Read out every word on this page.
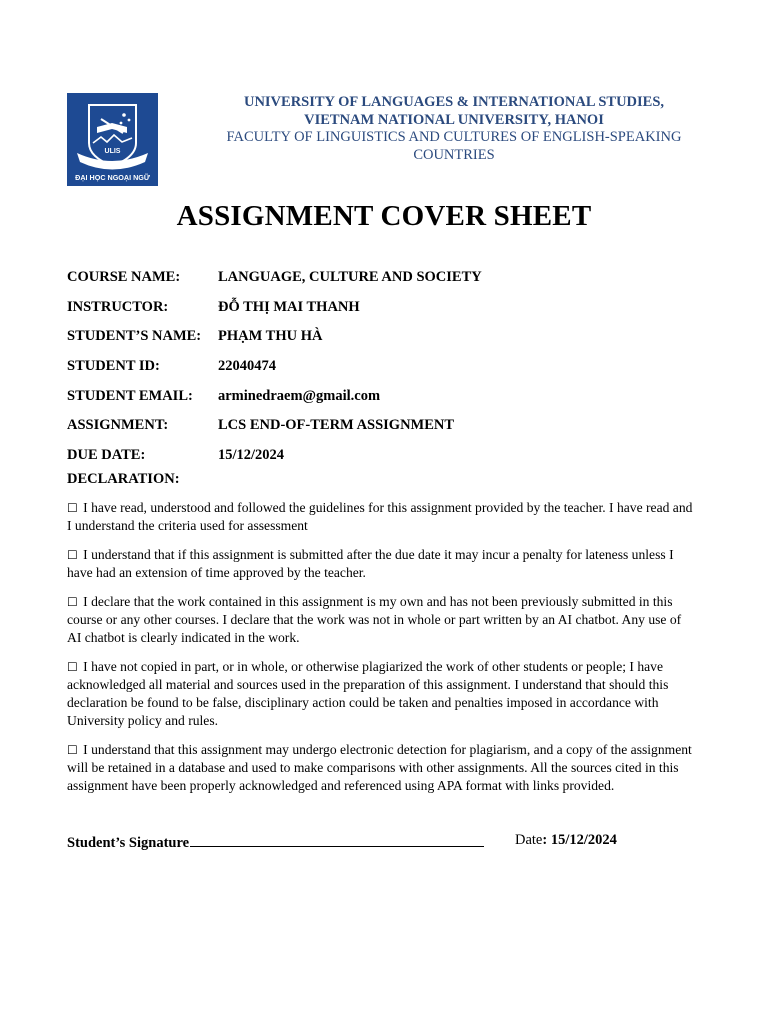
ULIS
ĐẠI HỌC NGOẠI NGỮ
UNIVERSITY OF LANGUAGES & INTERNATIONAL STUDIES,
VIETNAM NATIONAL UNIVERSITY, HANOI
FACULTY OF LINGUISTICS AND CULTURES OF ENGLISH-SPEAKING
COUNTRIES
ASSIGNMENT COVER SHEET
COURSE NAME:	LANGUAGE, CULTURE AND SOCIETY
INSTRUCTOR:	ĐỖ THỊ MAI THANH
STUDENT’S NAME:	PHẠM THU HÀ
STUDENT ID:	22040474
STUDENT EMAIL:	arminedraem@gmail.com
ASSIGNMENT:	LCS END-OF-TERM ASSIGNMENT
DUE DATE:	15/12/2024
DECLARATION:

☐ I have read, understood and followed the guidelines for this assignment provided by the teacher. I have read and I understand the criteria used for assessment

☐ I understand that if this assignment is submitted after the due date it may incur a penalty for lateness unless I have had an extension of time approved by the teacher.

☐ I declare that the work contained in this assignment is my own and has not been previously submitted in this course or any other courses. I declare that the work was not in whole or part written by an AI chatbot. Any use of AI chatbot is clearly indicated in the work.

☐ I have not copied in part, or in whole, or otherwise plagiarized the work of other students or people; I have acknowledged all material and sources used in the preparation of this assignment. I understand that should this declaration be found to be false, disciplinary action could be taken and penalties imposed in accordance with University policy and rules.

☐ I understand that this assignment may undergo electronic detection for plagiarism, and a copy of the assignment will be retained in a database and used to make comparisons with other assignments. All the sources cited in this assignment have been properly acknowledged and referenced using APA format with links provided.

Student’s Signature	Date: 15/12/2024
